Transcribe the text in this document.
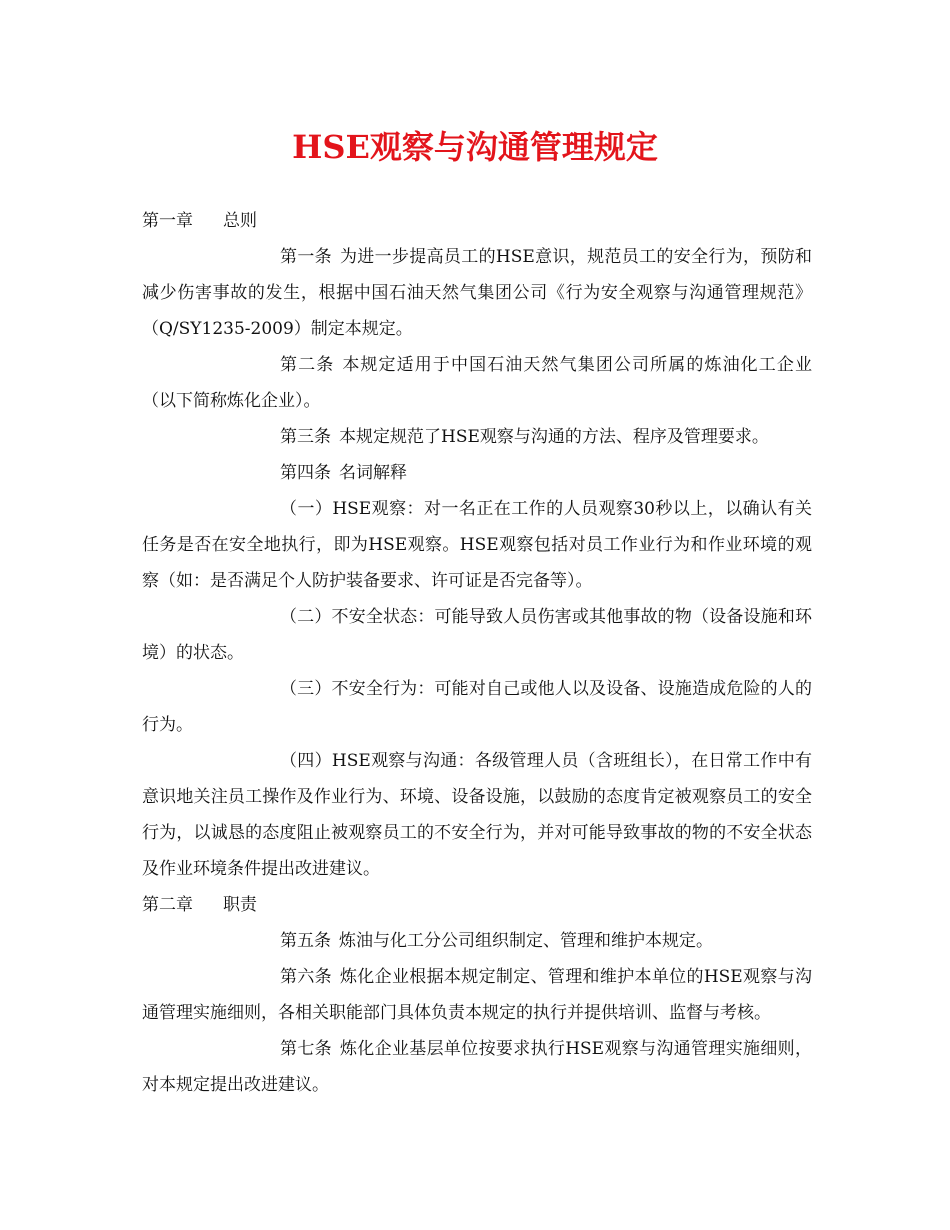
HSE观察与沟通管理规定

第一章 总则

第一条 为进一步提高员工的HSE意识，规范员工的安全行为，预防和减少伤害事故的发生，根据中国石油天然气集团公司《行为安全观察与沟通管理规范》（Q/SY1235-2009）制定本规定。

第二条 本规定适用于中国石油天然气集团公司所属的炼油化工企业（以下简称炼化企业）。

第三条 本规定规范了HSE观察与沟通的方法、程序及管理要求。

第四条 名词解释

（一）HSE观察：对一名正在工作的人员观察30秒以上，以确认有关任务是否在安全地执行，即为HSE观察。HSE观察包括对员工作业行为和作业环境的观察（如：是否满足个人防护装备要求、许可证是否完备等）。

（二）不安全状态：可能导致人员伤害或其他事故的物（设备设施和环境）的状态。

（三）不安全行为：可能对自己或他人以及设备、设施造成危险的人的行为。

（四）HSE观察与沟通：各级管理人员（含班组长），在日常工作中有意识地关注员工操作及作业行为、环境、设备设施，以鼓励的态度肯定被观察员工的安全行为，以诚恳的态度阻止被观察员工的不安全行为，并对可能导致事故的物的不安全状态及作业环境条件提出改进建议。

第二章 职责

第五条 炼油与化工分公司组织制定、管理和维护本规定。

第六条 炼化企业根据本规定制定、管理和维护本单位的HSE观察与沟通管理实施细则，各相关职能部门具体负责本规定的执行并提供培训、监督与考核。

第七条 炼化企业基层单位按要求执行HSE观察与沟通管理实施细则，对本规定提出改进建议。
